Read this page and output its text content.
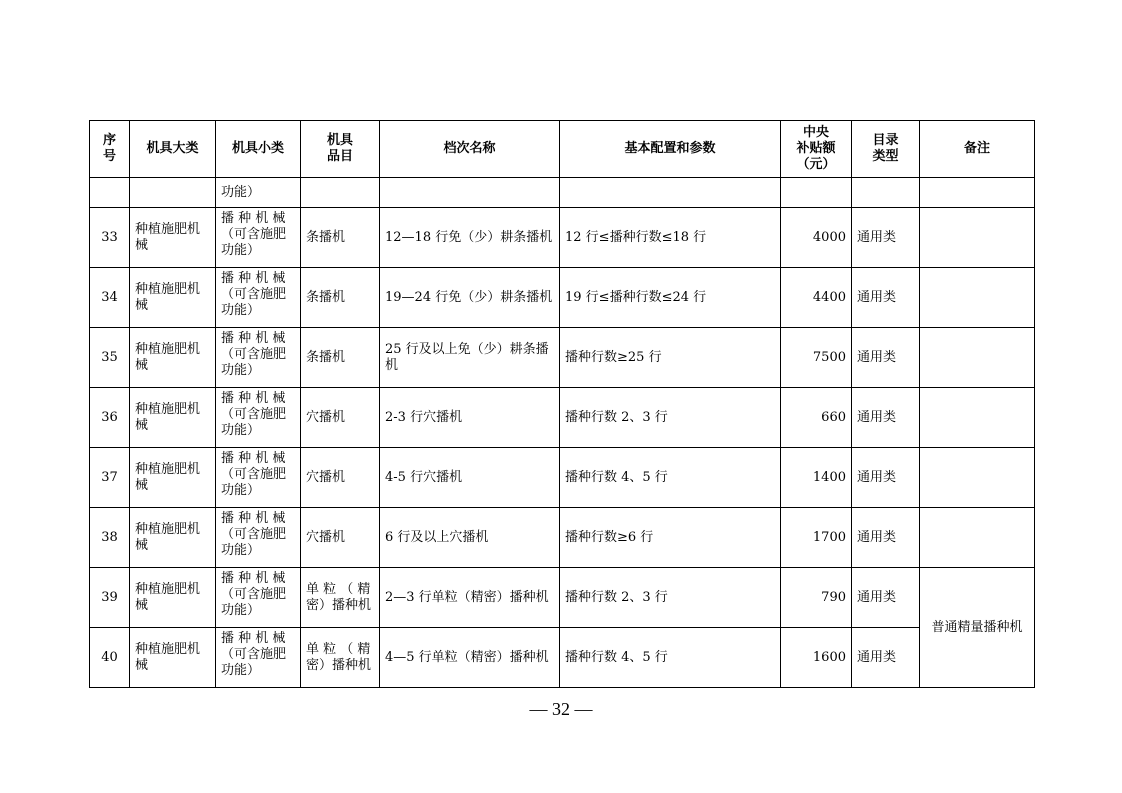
序
号	机具大类	机具小类	机具
品目	档次名称	基本配置和参数	中央
补贴额
（元）	目录
类型	备注
		功能）						
33	种植施肥机
械	播 种 机 械
（可含施肥
功能）	条播机	12—18 行免（少）耕条播机	12 行≤播种行数≤18 行	4000	通用类	
34	种植施肥机
械	播 种 机 械
（可含施肥
功能）	条播机	19—24 行免（少）耕条播机	19 行≤播种行数≤24 行	4400	通用类	
35	种植施肥机
械	播 种 机 械
（可含施肥
功能）	条播机	25 行及以上免（少）耕条播
机	播种行数≥25 行	7500	通用类	
36	种植施肥机
械	播 种 机 械
（可含施肥
功能）	穴播机	2-3 行穴播机	播种行数 2、3 行	660	通用类	
37	种植施肥机
械	播 种 机 械
（可含施肥
功能）	穴播机	4-5 行穴播机	播种行数 4、5 行	1400	通用类	
38	种植施肥机
械	播 种 机 械
（可含施肥
功能）	穴播机	6 行及以上穴播机	播种行数≥6 行	1700	通用类	
39	种植施肥机
械	播 种 机 械
（可含施肥
功能）	单 粒 （ 精
密）播种机	2—3 行单粒（精密）播种机	播种行数 2、3 行	790	通用类	普通精量播种机
40	种植施肥机
械	播 种 机 械
（可含施肥
功能）	单 粒 （ 精
密）播种机	4—5 行单粒（精密）播种机	播种行数 4、5 行	1600	通用类	
— 32 —
